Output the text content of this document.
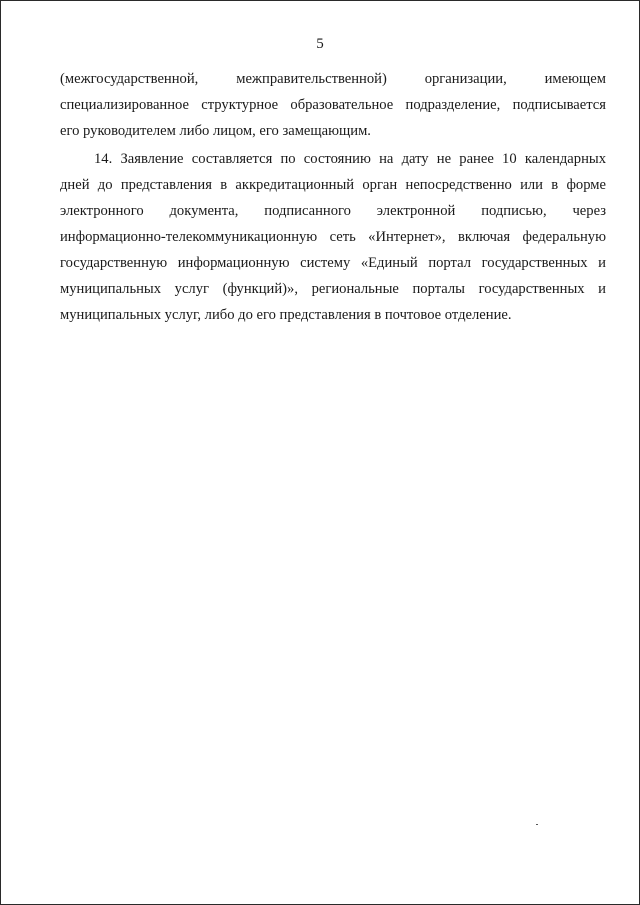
5
(межгосударственной, межправительственной) организации, имеющем
специализированное структурное образовательное подразделение, подписывается
его руководителем либо лицом, его замещающим.
14. Заявление составляется по состоянию на дату не ранее 10 календарных
дней до представления в аккредитационный орган непосредственно или в форме
электронного документа, подписанного электронной подписью, через
информационно-телекоммуникационную сеть «Интернет», включая федеральную
государственную информационную систему «Единый портал государственных и
муниципальных услуг (функций)», региональные порталы государственных и
муниципальных услуг, либо до его представления в почтовое отделение.
